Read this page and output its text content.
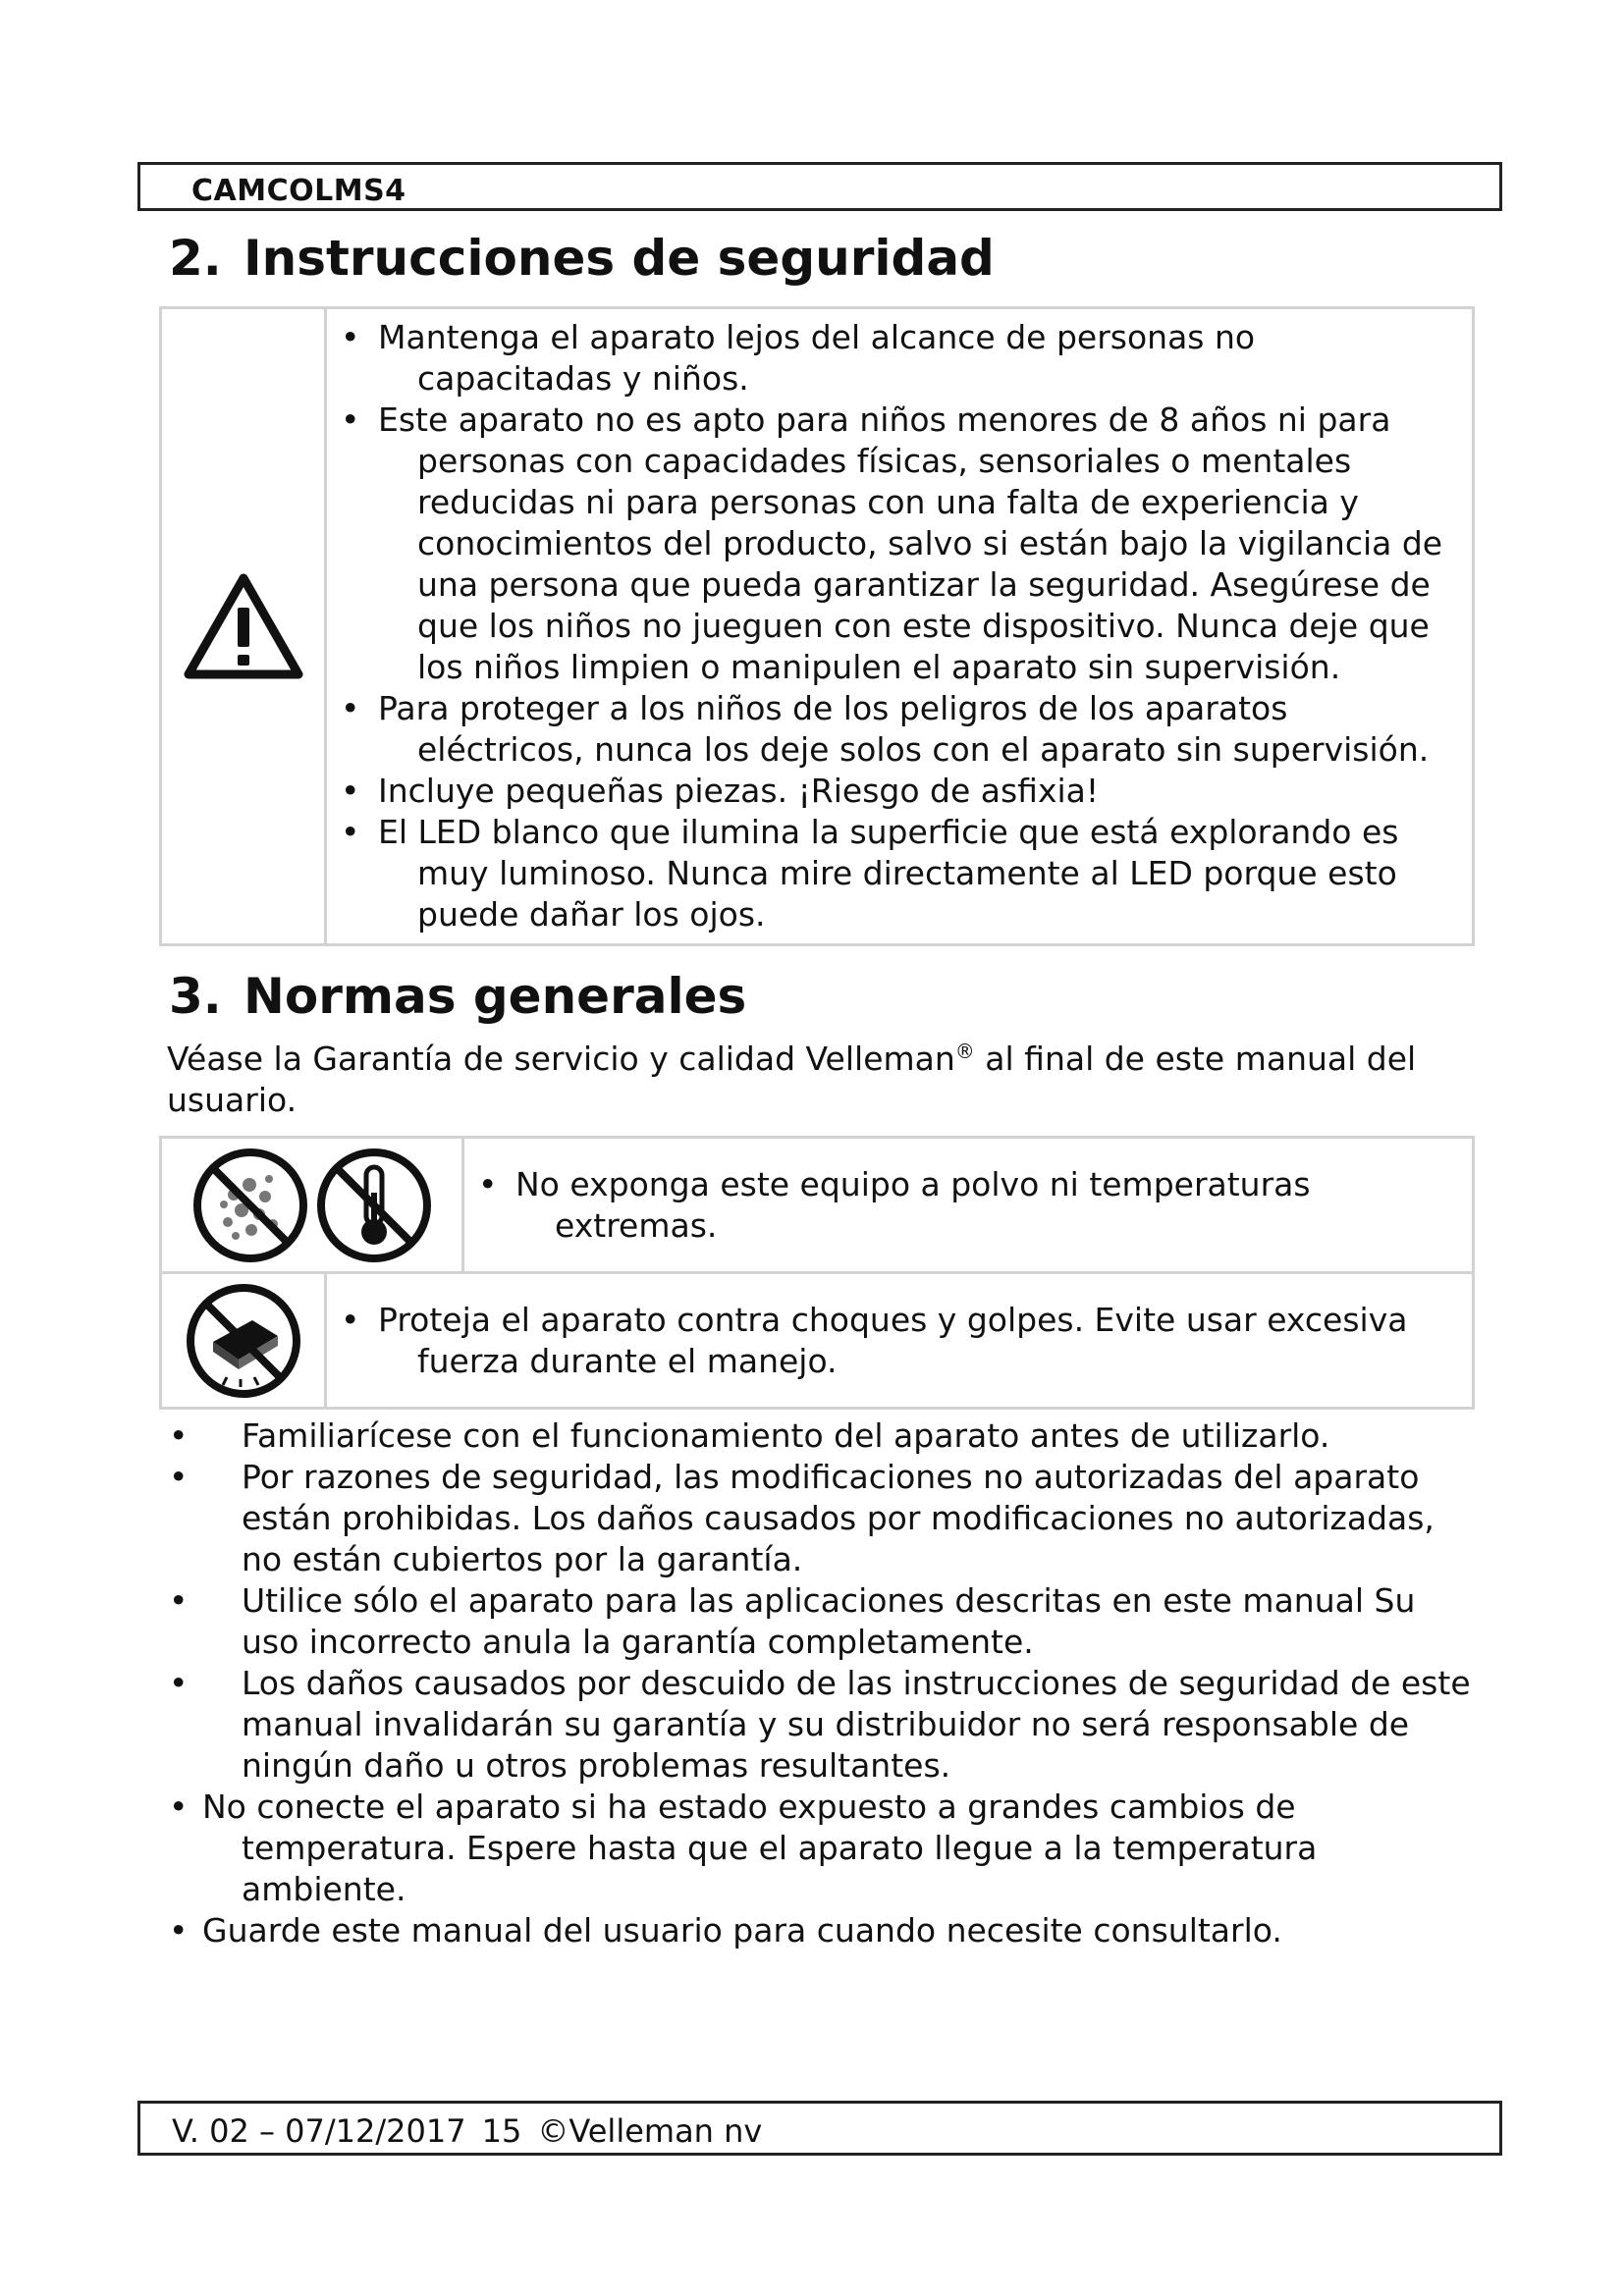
CAMCOLMS4
2. Instrucciones de seguridad
• Mantenga el aparato lejos del alcance de personas no capacitadas y niños.
• Este aparato no es apto para niños menores de 8 años ni para personas con capacidades físicas, sensoriales o mentales reducidas ni para personas con una falta de experiencia y conocimientos del producto, salvo si están bajo la vigilancia de una persona que pueda garantizar la seguridad. Asegúrese de que los niños no jueguen con este dispositivo. Nunca deje que los niños limpien o manipulen el aparato sin supervisión.
• Para proteger a los niños de los peligros de los aparatos eléctricos, nunca los deje solos con el aparato sin supervisión.
• Incluye pequeñas piezas. ¡Riesgo de asfixia!
• El LED blanco que ilumina la superficie que está explorando es muy luminoso. Nunca mire directamente al LED porque esto puede dañar los ojos.
3. Normas generales

Véase la Garantía de servicio y calidad Velleman® al final de este manual del usuario.

• No exponga este equipo a polvo ni temperaturas extremas.
• Proteja el aparato contra choques y golpes. Evite usar excesiva fuerza durante el manejo.
• Familiarícese con el funcionamiento del aparato antes de utilizarlo.
• Por razones de seguridad, las modificaciones no autorizadas del aparato están prohibidas. Los daños causados por modificaciones no autorizadas, no están cubiertos por la garantía.
• Utilice sólo el aparato para las aplicaciones descritas en este manual Su uso incorrecto anula la garantía completamente.
• Los daños causados por descuido de las instrucciones de seguridad de este manual invalidarán su garantía y su distribuidor no será responsable de ningún daño u otros problemas resultantes.
• No conecte el aparato si ha estado expuesto a grandes cambios de temperatura. Espere hasta que el aparato llegue a la temperatura ambiente.
• Guarde este manual del usuario para cuando necesite consultarlo.
V. 02 – 07/12/2017 15 ©Velleman nv
